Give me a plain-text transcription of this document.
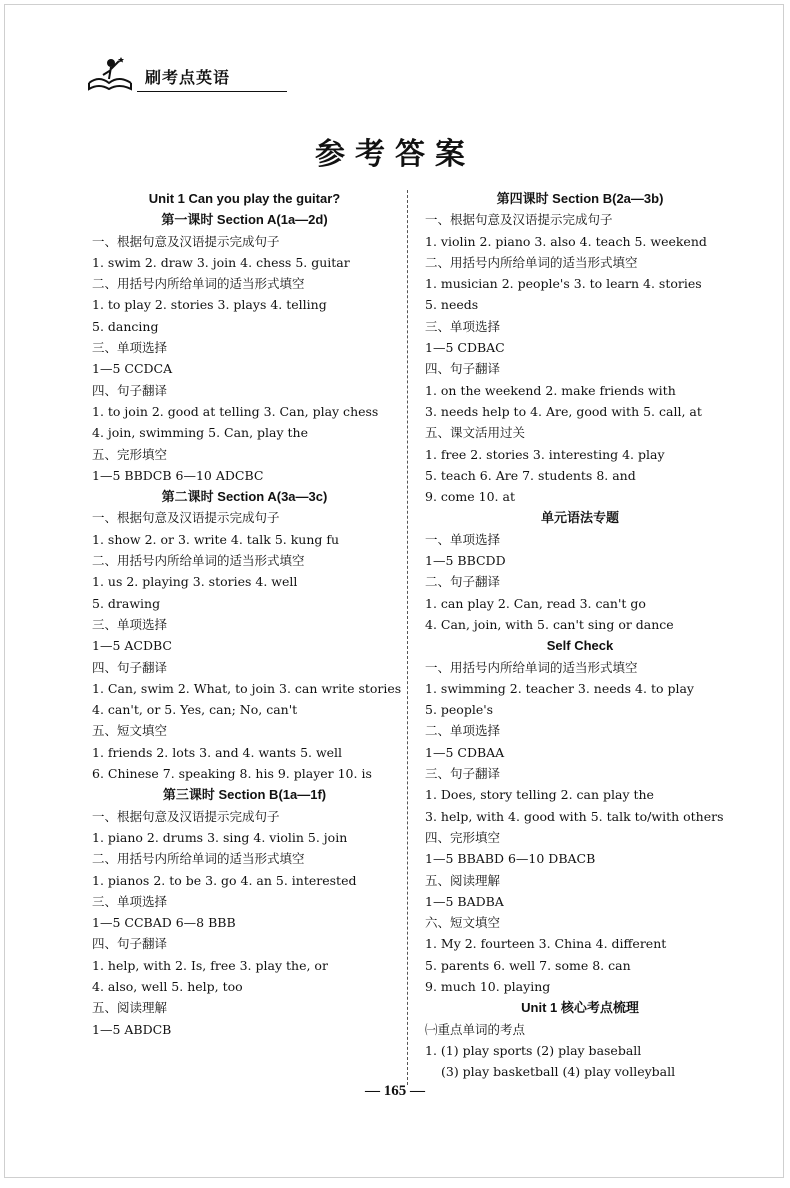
刷考点英语
参考答案
Unit 1 Can you play the guitar?
第一课时 Section A(1a—2d)
一、根据句意及汉语提示完成句子
1. swim 2. draw 3. join 4. chess 5. guitar
二、用括号内所给单词的适当形式填空
1. to play 2. stories 3. plays 4. telling
5. dancing
三、单项选择
1—5 CCDCA
四、句子翻译
1. to join 2. good at telling 3. Can, play chess
4. join, swimming 5. Can, play the
五、完形填空
1—5 BBDCB 6—10 ADCBC
第二课时 Section A(3a—3c)
一、根据句意及汉语提示完成句子
1. show 2. or 3. write 4. talk 5. kung fu
二、用括号内所给单词的适当形式填空
1. us 2. playing 3. stories 4. well
5. drawing
三、单项选择
1—5 ACDBC
四、句子翻译
1. Can, swim 2. What, to join 3. can write stories
4. can't, or 5. Yes, can; No, can't
五、短文填空
1. friends 2. lots 3. and 4. wants 5. well
6. Chinese 7. speaking 8. his 9. player 10. is
第三课时 Section B(1a—1f)
一、根据句意及汉语提示完成句子
1. piano 2. drums 3. sing 4. violin 5. join
二、用括号内所给单词的适当形式填空
1. pianos 2. to be 3. go 4. an 5. interested
三、单项选择
1—5 CCBAD 6—8 BBB
四、句子翻译
1. help, with 2. Is, free 3. play the, or
4. also, well 5. help, too
五、阅读理解
1—5 ABDCB
第四课时 Section B(2a—3b)
一、根据句意及汉语提示完成句子
1. violin 2. piano 3. also 4. teach 5. weekend
二、用括号内所给单词的适当形式填空
1. musician 2. people's 3. to learn 4. stories
5. needs
三、单项选择
1—5 CDBAC
四、句子翻译
1. on the weekend 2. make friends with
3. needs help to 4. Are, good with 5. call, at
五、课文活用过关
1. free 2. stories 3. interesting 4. play
5. teach 6. Are 7. students 8. and
9. come 10. at
单元语法专题
一、单项选择
1—5 BBCDD
二、句子翻译
1. can play 2. Can, read 3. can't go
4. Can, join, with 5. can't sing or dance
Self Check
一、用括号内所给单词的适当形式填空
1. swimming 2. teacher 3. needs 4. to play
5. people's
二、单项选择
1—5 CDBAA
三、句子翻译
1. Does, story telling 2. can play the
3. help, with 4. good with 5. talk to/with others
四、完形填空
1—5 BBABD 6—10 DBACB
五、阅读理解
1—5 BADBA
六、短文填空
1. My 2. fourteen 3. China 4. different
5. parents 6. well 7. some 8. can
9. much 10. playing
Unit 1 核心考点梳理
㈠重点单词的考点
1. (1) play sports (2) play baseball
(3) play basketball (4) play volleyball
— 165 —
